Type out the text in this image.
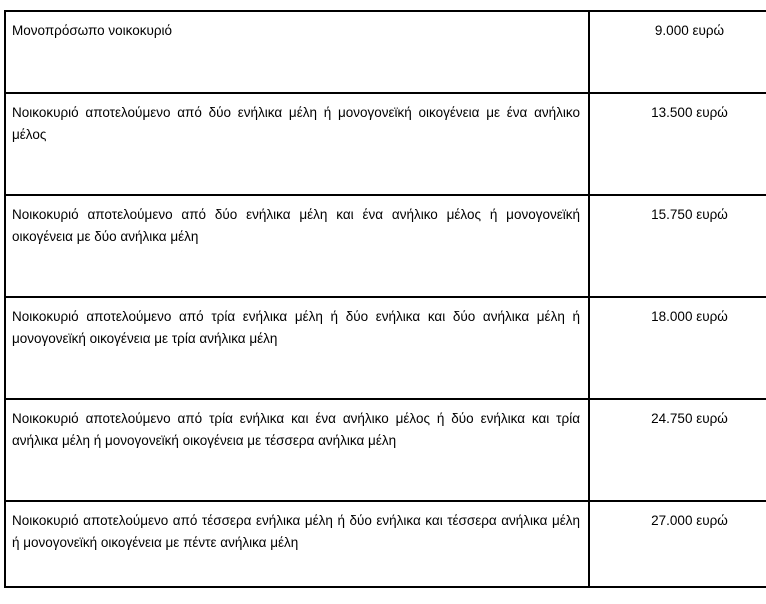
Μονοπρόσωπο νοικοκυριό	9.000 ευρώ
Νοικοκυριό αποτελούμενο από δύο ενήλικα μέλη ή μονογονεϊκή οικογένεια με ένα ανήλικο μέλος	13.500 ευρώ
Νοικοκυριό αποτελούμενο από δύο ενήλικα μέλη και ένα ανήλικο μέλος ή μονογονεϊκή οικογένεια με δύο ανήλικα μέλη	15.750 ευρώ
Νοικοκυριό αποτελούμενο από τρία ενήλικα μέλη ή δύο ενήλικα και δύο ανήλικα μέλη ή μονογονεϊκή οικογένεια με τρία ανήλικα μέλη	18.000 ευρώ
Νοικοκυριό αποτελούμενο από τρία ενήλικα και ένα ανήλικο μέλος ή δύο ενήλικα και τρία ανήλικα μέλη ή μονογονεϊκή οικογένεια με τέσσερα ανήλικα μέλη	24.750 ευρώ
Νοικοκυριό αποτελούμενο από τέσσερα ενήλικα μέλη ή δύο ενήλικα και τέσσερα ανήλικα μέλη ή μονογονεϊκή οικογένεια με πέντε ανήλικα μέλη	27.000 ευρώ
